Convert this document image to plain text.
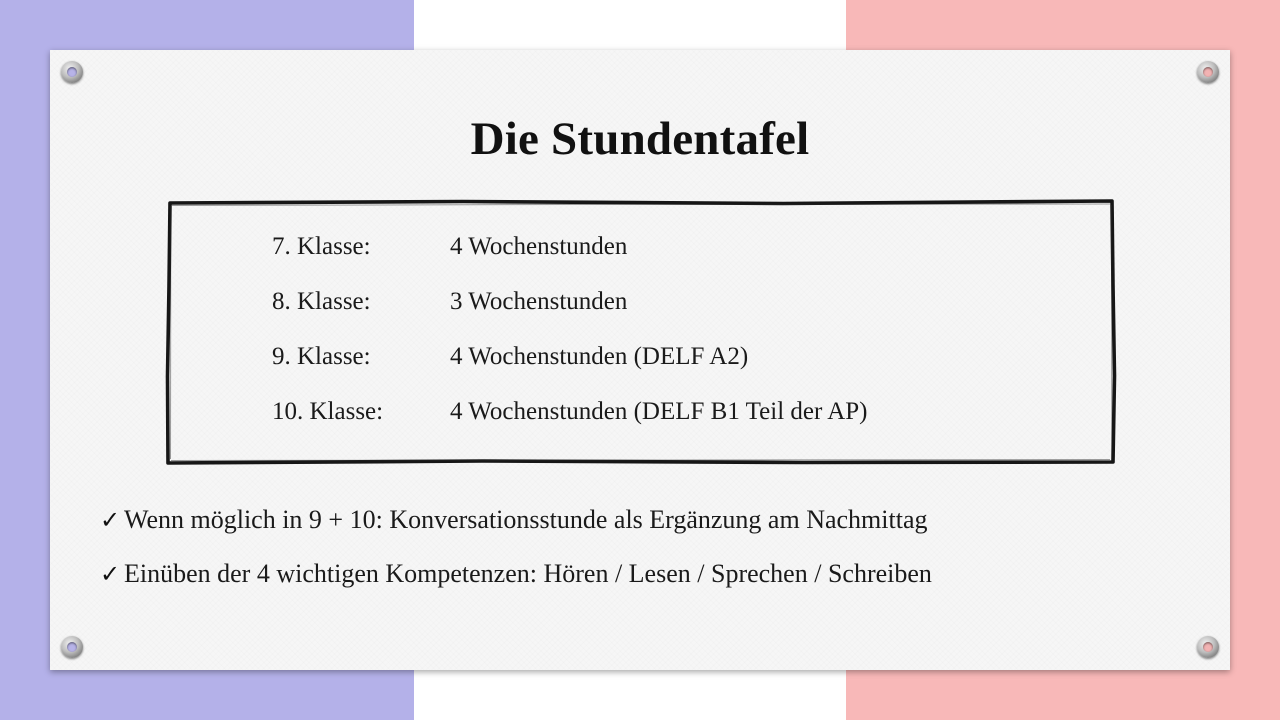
Die Stundentafel
7. Klasse:	4 Wochenstunden
8. Klasse:	3 Wochenstunden
9. Klasse:	4 Wochenstunden (DELF A2)
10. Klasse:	4 Wochenstunden (DELF B1 Teil der AP)
✓ Wenn möglich in 9 + 10: Konversationsstunde als Ergänzung am Nachmittag
✓ Einüben der 4 wichtigen Kompetenzen: Hören / Lesen / Sprechen / Schreiben
